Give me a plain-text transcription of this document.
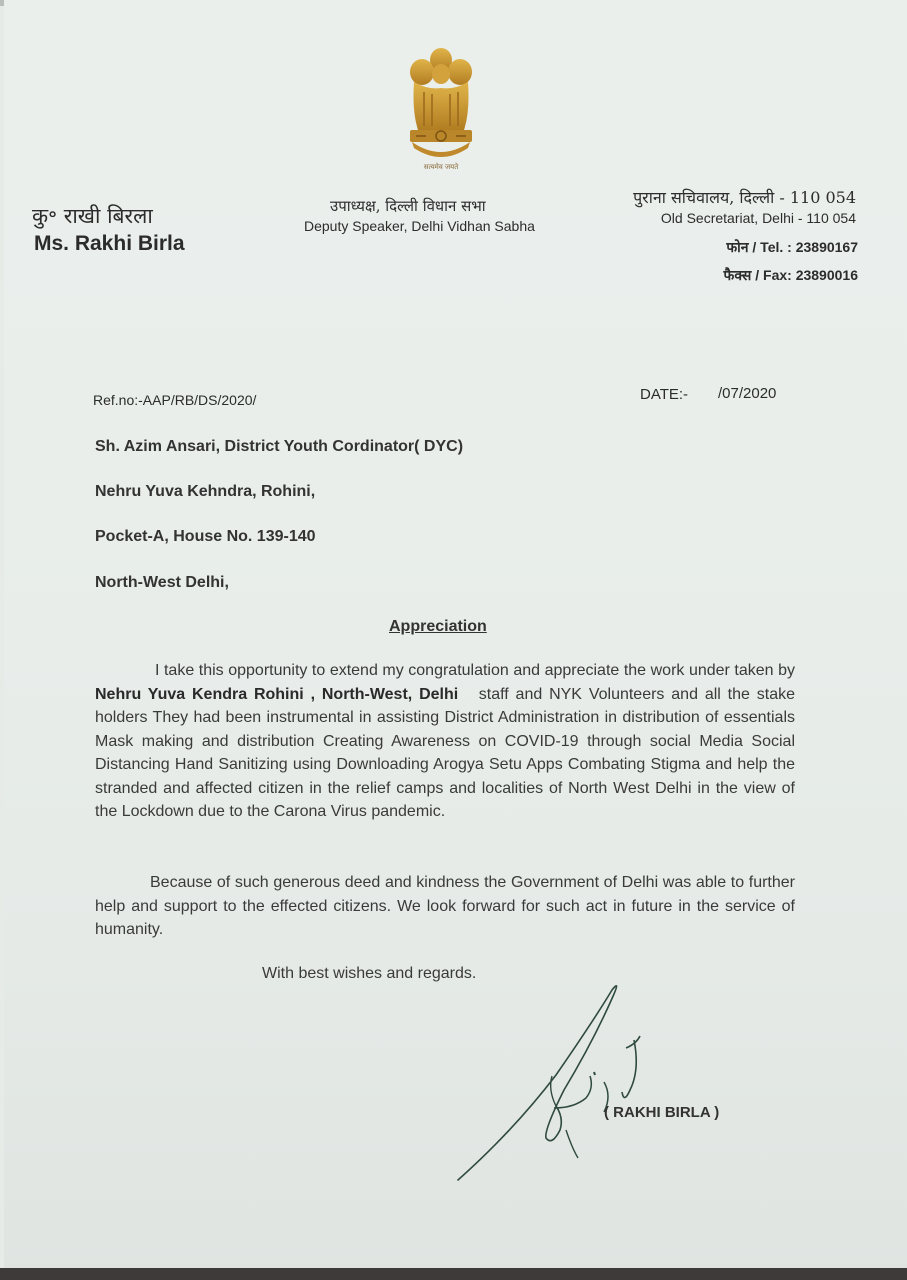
सत्यमेव जयते
कु॰ राखी बिरला
Ms. Rakhi Birla
उपाध्यक्ष, दिल्ली विधान सभा
Deputy Speaker, Delhi Vidhan Sabha
पुराना सचिवालय, दिल्ली - 110 054
Old Secretariat, Delhi - 110 054
फोन / Tel. : 23890167
फैक्स / Fax: 23890016
Ref.no:-AAP/RB/DS/2020/	DATE:- /07/2020
Sh. Azim Ansari, District Youth Cordinator( DYC)
Nehru Yuva Kehndra, Rohini,
Pocket-A, House No. 139-140
North-West Delhi,
Appreciation
I take this opportunity to extend my congratulation and appreciate the work under taken by Nehru Yuva Kendra Rohini , North-West, Delhi staff and NYK Volunteers and all the stake holders They had been instrumental in assisting District Administration in distribution of essentials Mask making and distribution Creating Awareness on COVID-19 through social Media Social Distancing Hand Sanitizing using Downloading Arogya Setu Apps Combating Stigma and help the stranded and affected citizen in the relief camps and localities of North West Delhi in the view of the Lockdown due to the Carona Virus pandemic.
Because of such generous deed and kindness the Government of Delhi was able to further help and support to the effected citizens. We look forward for such act in future in the service of humanity.
With best wishes and regards.
( RAKHI BIRLA )
